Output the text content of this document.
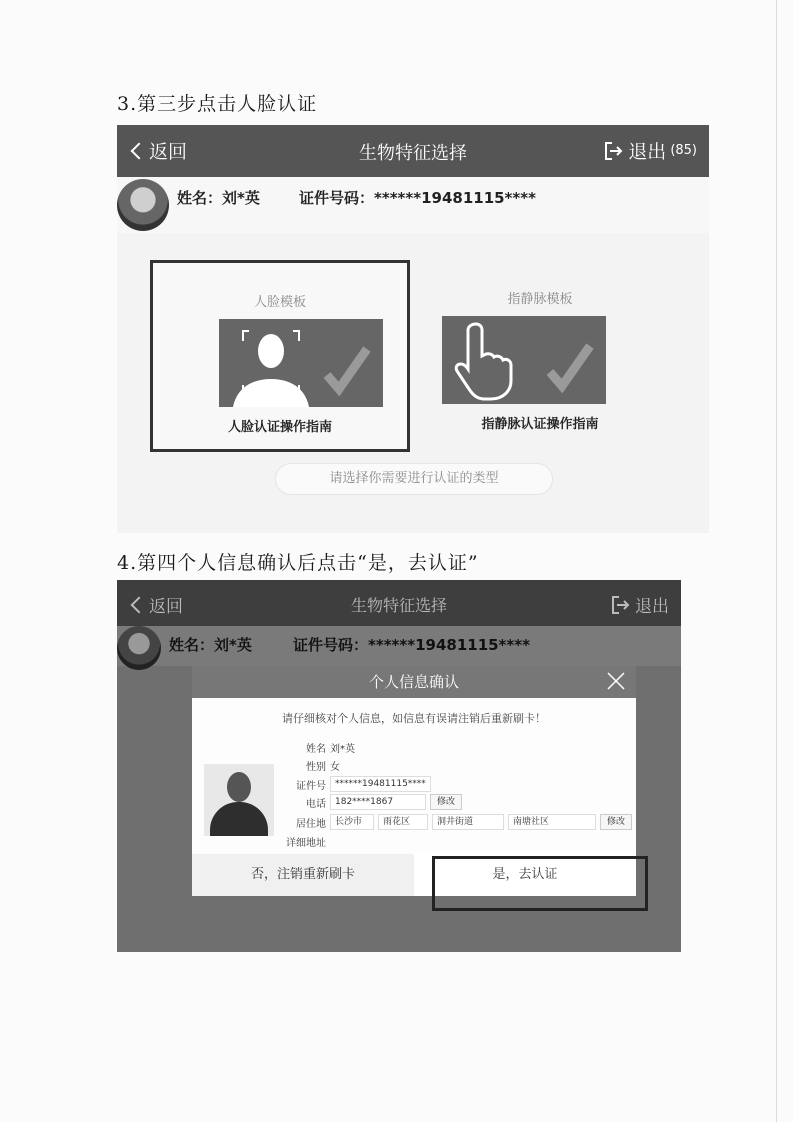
3.第三步点击人脸认证
返回	生物特征选择	退出 (85)
姓名：刘*英	证件号码：******19481115****
人脸模板
人脸认证操作指南
指静脉模板
指静脉认证操作指南
请选择你需要进行认证的类型
4.第四个人信息确认后点击“是，去认证”
返回	生物特征选择	退出
姓名：刘*英	证件号码：******19481115****
个人信息确认
请仔细核对个人信息，如信息有误请注销后重新刷卡！
姓名 刘*英
性别 女
证件号	******19481115****
电话	182****1867	修改
居住地	长沙市	雨花区	洞井街道	南塘社区	修改
详细地址
否，注销重新刷卡	是，去认证
